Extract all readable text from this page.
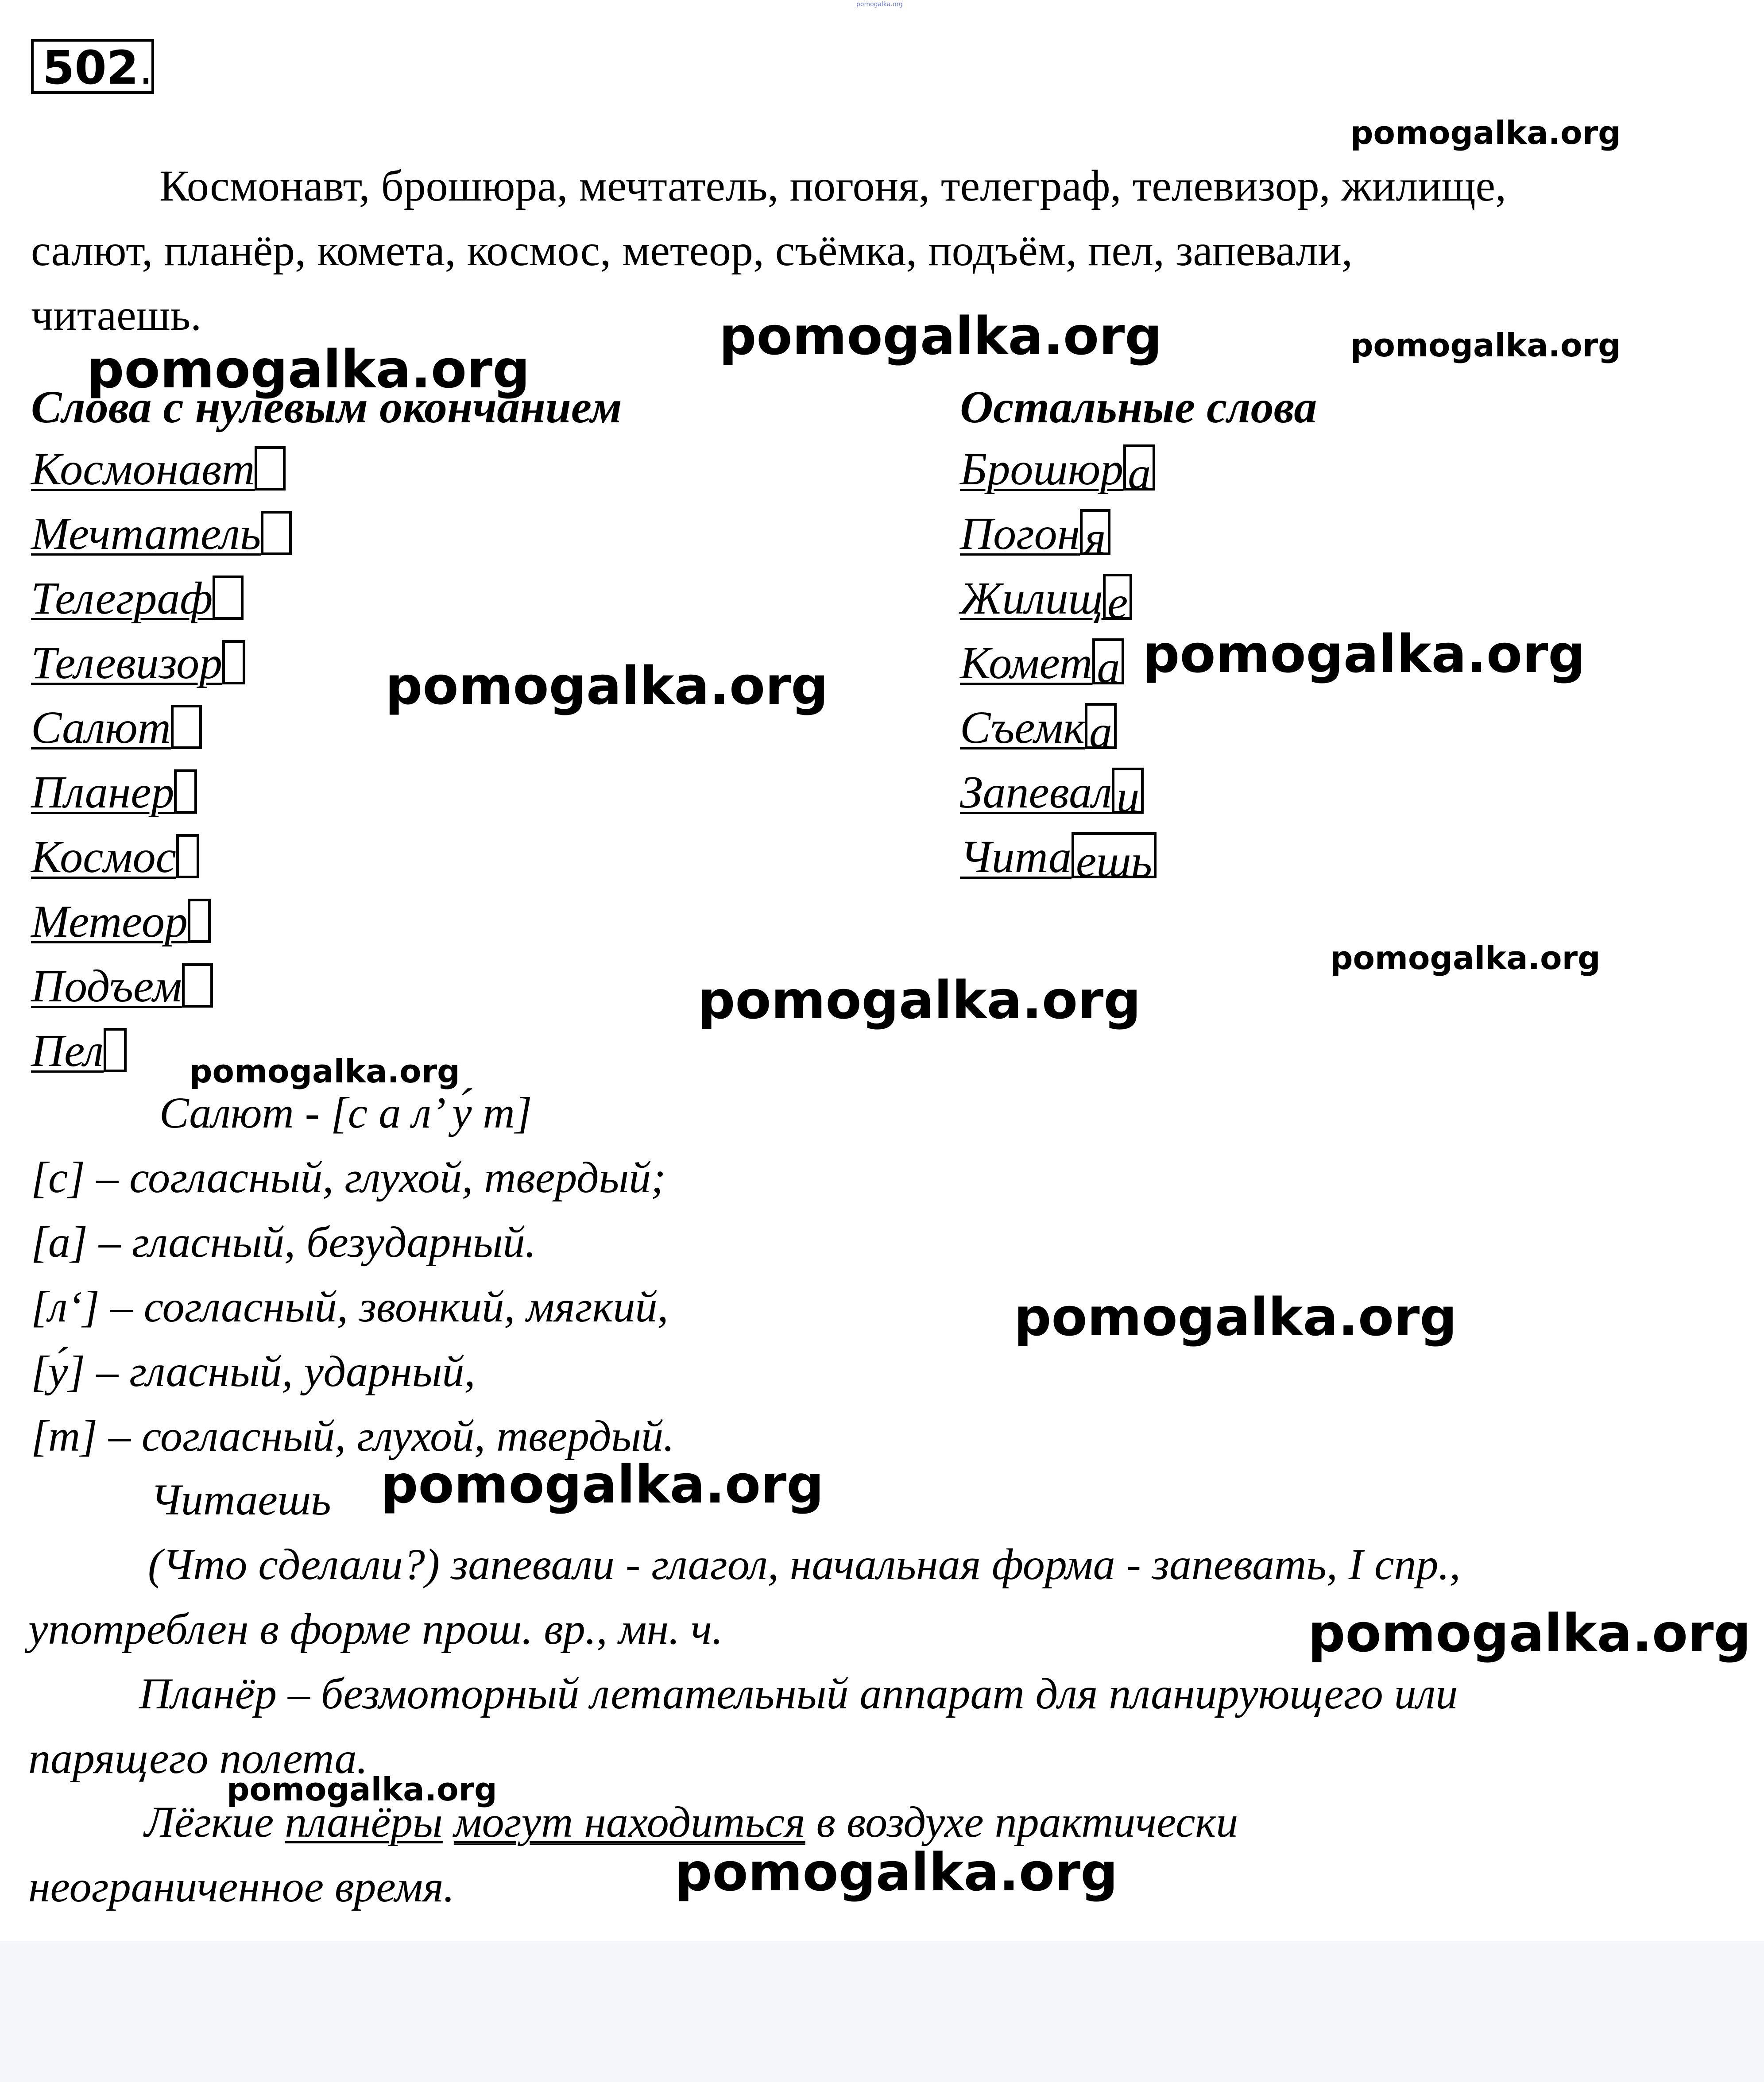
pomogalka.org
502.
pomogalka.org
pomogalka.org	pomogalka.org
pomogalka.org
pomogalka.org
pomogalka.org
pomogalka.org
pomogalka.org
pomogalka.org
pomogalka.org
pomogalka.org
pomogalka.org
pomogalka.org
pomogalka.org
Космонавт, брошюра, мечтатель, погоня, телеграф, телевизор, жилище,
салют, планёр, комета, космос, метеор, съёмка, подъём, пел, запевали,
читаешь.
Слова с нулевым окончанием	Остальные слова
Космонавт
Мечтатель
Телеграф
Телевизор
Салют
Планер
Космос
Метеор
Подъем
Пел
Брошюра
Погоня
Жилище
Комета
Съемка
Запевали
Читаешь
Салют - [с а л’ у́ т]
[с] – согласный, глухой, твердый;
[а] – гласный, безударный.
[л‘] – согласный, звонкий, мягкий,
[у́] – гласный, ударный,
[т] – согласный, глухой, твердый.
Читаешь
(Что сделали?) запевали - глагол, начальная форма - запевать, I спр.,
употреблен в форме прош. вр., мн. ч.
Планёр – безмоторный летательный аппарат для планирующего или
парящего полета.
Лёгкие планёры могут находиться в воздухе практически
неограниченное время.
